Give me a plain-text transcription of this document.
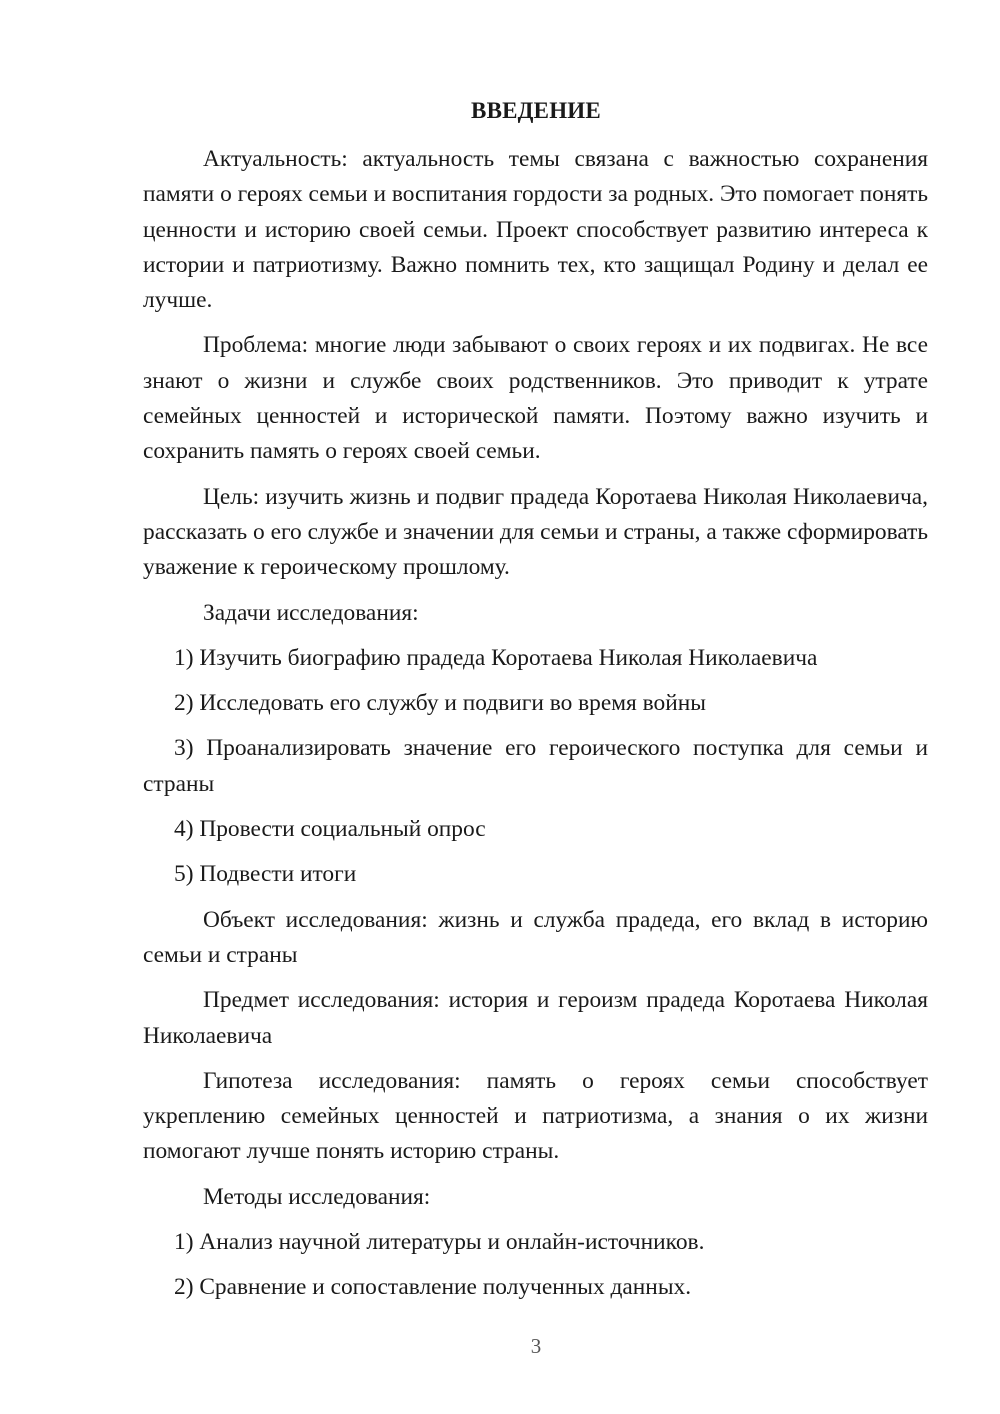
ВВЕДЕНИЕ

Актуальность: актуальность темы связана с важностью сохранения памяти о героях семьи и воспитания гордости за родных. Это помогает понять ценности и историю своей семьи. Проект способствует развитию интереса к истории и патриотизму. Важно помнить тех, кто защищал Родину и делал ее лучше.

Проблема: многие люди забывают о своих героях и их подвигах. Не все знают о жизни и службе своих родственников. Это приводит к утрате семейных ценностей и исторической памяти. Поэтому важно изучить и сохранить память о героях своей семьи.

Цель: изучить жизнь и подвиг прадеда Коротаева Николая Николаевича, рассказать о его службе и значении для семьи и страны, а также сформировать уважение к героическому прошлому.

Задачи исследования:

1) Изучить биографию прадеда Коротаева Николая Николаевича

2) Исследовать его службу и подвиги во время войны

3) Проанализировать значение его героического поступка для семьи и страны

4) Провести социальный опрос

5) Подвести итоги

Объект исследования: жизнь и служба прадеда, его вклад в историю семьи и страны

Предмет исследования: история и героизм прадеда Коротаева Николая Николаевича

Гипотеза исследования: память о героях семьи способствует укреплению семейных ценностей и патриотизма, а знания о их жизни помогают лучше понять историю страны.

Методы исследования:

1) Анализ научной литературы и онлайн-источников.

2) Сравнение и сопоставление полученных данных.

3
